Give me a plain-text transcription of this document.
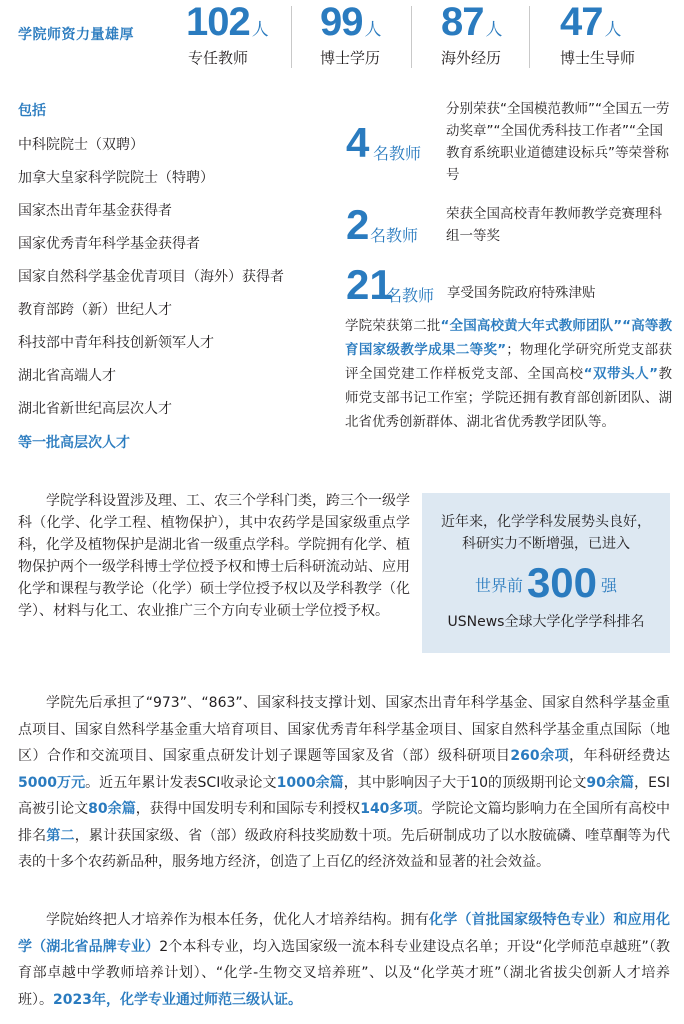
学院师资力量雄厚 102 人
专任教师
99 人
博士学历
87 人
海外经历
47 人
博士生导师
包括
中科院院士（双聘）
加拿大皇家科学院院士（特聘）
国家杰出青年基金获得者
国家优秀青年科学基金获得者
国家自然科学基金优青项目（海外）获得者
教育部跨（新）世纪人才
科技部中青年科技创新领军人才
湖北省高端人才
湖北省新世纪高层次人才
等一批高层次人才
4 名教师
分别荣获“全国模范教师”“全国五一劳动奖章”“全国优秀科技工作者”“全国教育系统职业道德建设标兵”等荣誉称号
2 名教师
荣获全国高校青年教师教学竞赛理科组一等奖
21
名教师 享受国务院政府特殊津贴

学院荣获第二批“全国高校黄大年式教师团队”“高等教育国家级教学成果二等奖”；物理化学研究所党支部获评全国党建工作样板党支部、全国高校“双带头人”教师党支部书记工作室；学院还拥有教育部创新团队、湖北省优秀创新群体、湖北省优秀教学团队等。

学院学科设置涉及理、工、农三个学科门类，跨三个一级学科（化学、化学工程、植物保护），其中农药学是国家级重点学科，化学及植物保护是湖北省一级重点学科。学院拥有化学、植物保护两个一级学科博士学位授予权和博士后科研流动站、应用化学和课程与教学论（化学）硕士学位授予权以及学科教学（化学）、材料与化工、农业推广三个方向专业硕士学位授予权。

近年来，化学学科发展势头良好，
科研实力不断增强，已进入
世界前300 强
USNews全球大学化学学科排名

学院先后承担了“973”、“863”、国家科技支撑计划、国家杰出青年科学基金、国家自然科学基金重点项目、国家自然科学基金重大培育项目、国家优秀青年科学基金项目、国家自然科学基金重点国际（地区）合作和交流项目、国家重点研发计划子课题等国家及省（部）级科研项目260余项，年科研经费达5000万元。近五年累计发表SCI收录论文1000余篇，其中影响因子大于10的顶级期刊论文90余篇，ESI高被引论文80余篇，获得中国发明专利和国际专利授权140多项。学院论文篇均影响力在全国所有高校中排名第二，累计获国家级、省（部）级政府科技奖励数十项。先后研制成功了以水胺硫磷、喹草酮等为代表的十多个农药新品种，服务地方经济，创造了上百亿的经济效益和显著的社会效益。

学院始终把人才培养作为根本任务，优化人才培养结构。拥有化学（首批国家级特色专业）和应用化学（湖北省品牌专业）2个本科专业，均入选国家级一流本科专业建设点名单；开设“化学师范卓越班”（教育部卓越中学教师培养计划）、“化学-生物交叉培养班”、以及“化学英才班”（湖北省拔尖创新人才培养班）。2023年，化学专业通过师范三级认证。
